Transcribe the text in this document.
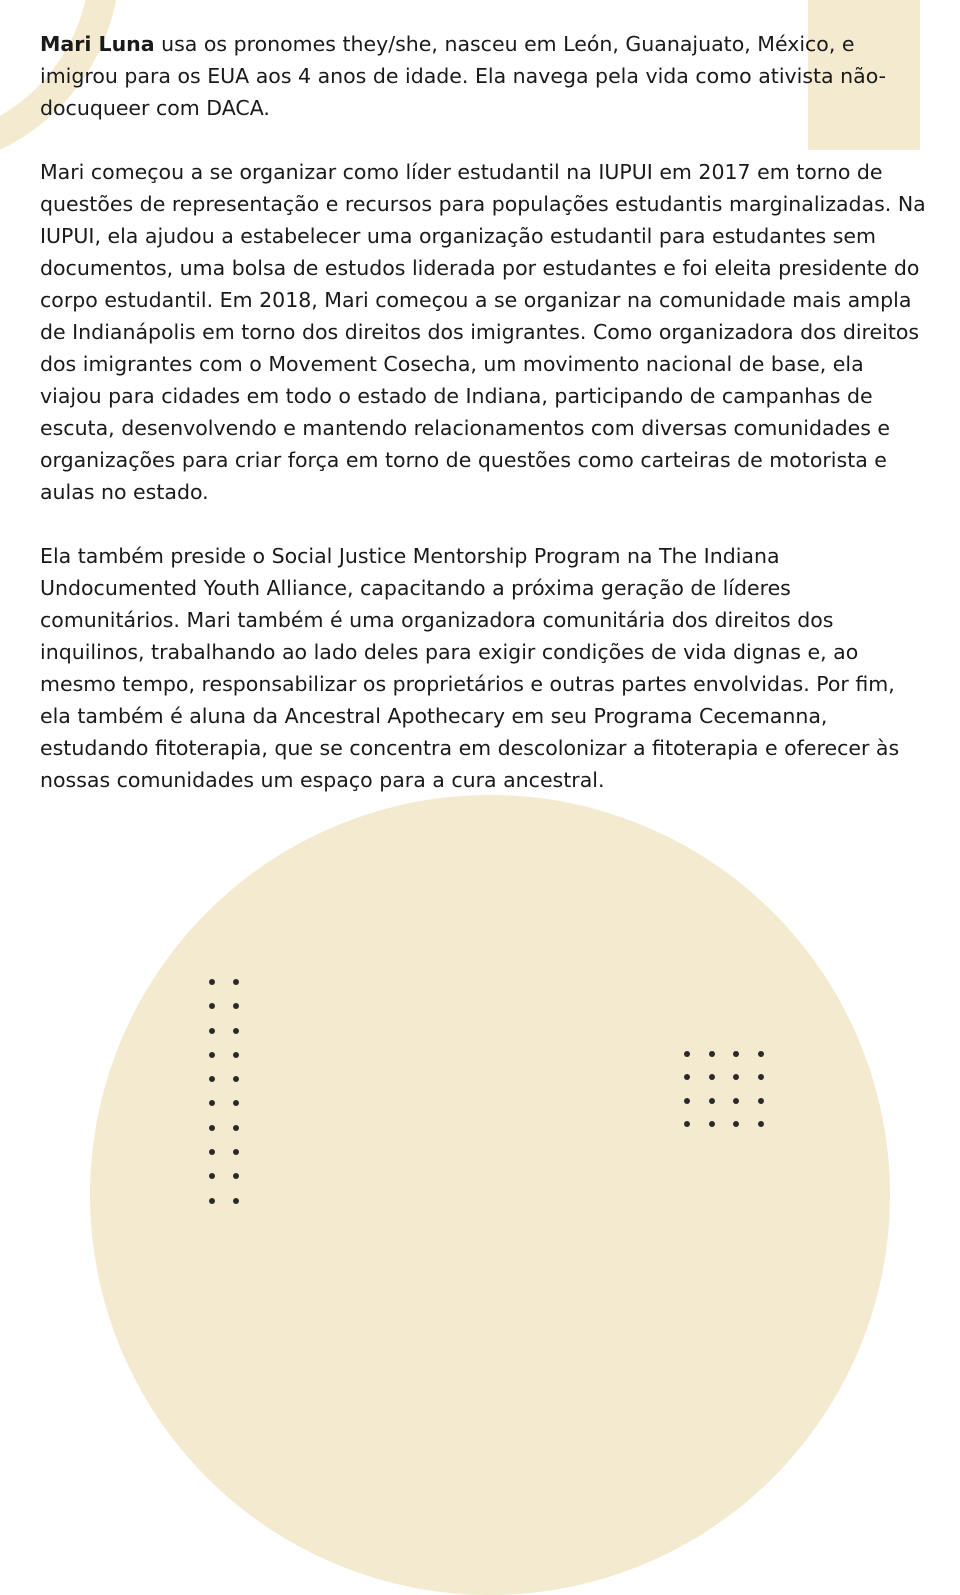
Mari Luna usa os pronomes they/she, nasceu em León, Guanajuato, México, e imigrou para os EUA aos 4 anos de idade. Ela navega pela vida como ativista não-docuqueer com DACA.

Mari começou a se organizar como líder estudantil na IUPUI em 2017 em torno de questões de representação e recursos para populações estudantis marginalizadas. Na IUPUI, ela ajudou a estabelecer uma organização estudantil para estudantes sem documentos, uma bolsa de estudos liderada por estudantes e foi eleita presidente do corpo estudantil. Em 2018, Mari começou a se organizar na comunidade mais ampla de Indianápolis em torno dos direitos dos imigrantes. Como organizadora dos direitos dos imigrantes com o Movement Cosecha, um movimento nacional de base, ela viajou para cidades em todo o estado de Indiana, participando de campanhas de escuta, desenvolvendo e mantendo relacionamentos com diversas comunidades e organizações para criar força em torno de questões como carteiras de motorista e aulas no estado.

Ela também preside o Social Justice Mentorship Program na The Indiana Undocumented Youth Alliance, capacitando a próxima geração de líderes comunitários. Mari também é uma organizadora comunitária dos direitos dos inquilinos, trabalhando ao lado deles para exigir condições de vida dignas e, ao mesmo tempo, responsabilizar os proprietários e outras partes envolvidas. Por fim, ela também é aluna da Ancestral Apothecary em seu Programa Cecemanna, estudando fitoterapia, que se concentra em descolonizar a fitoterapia e oferecer às nossas comunidades um espaço para a cura ancestral.
